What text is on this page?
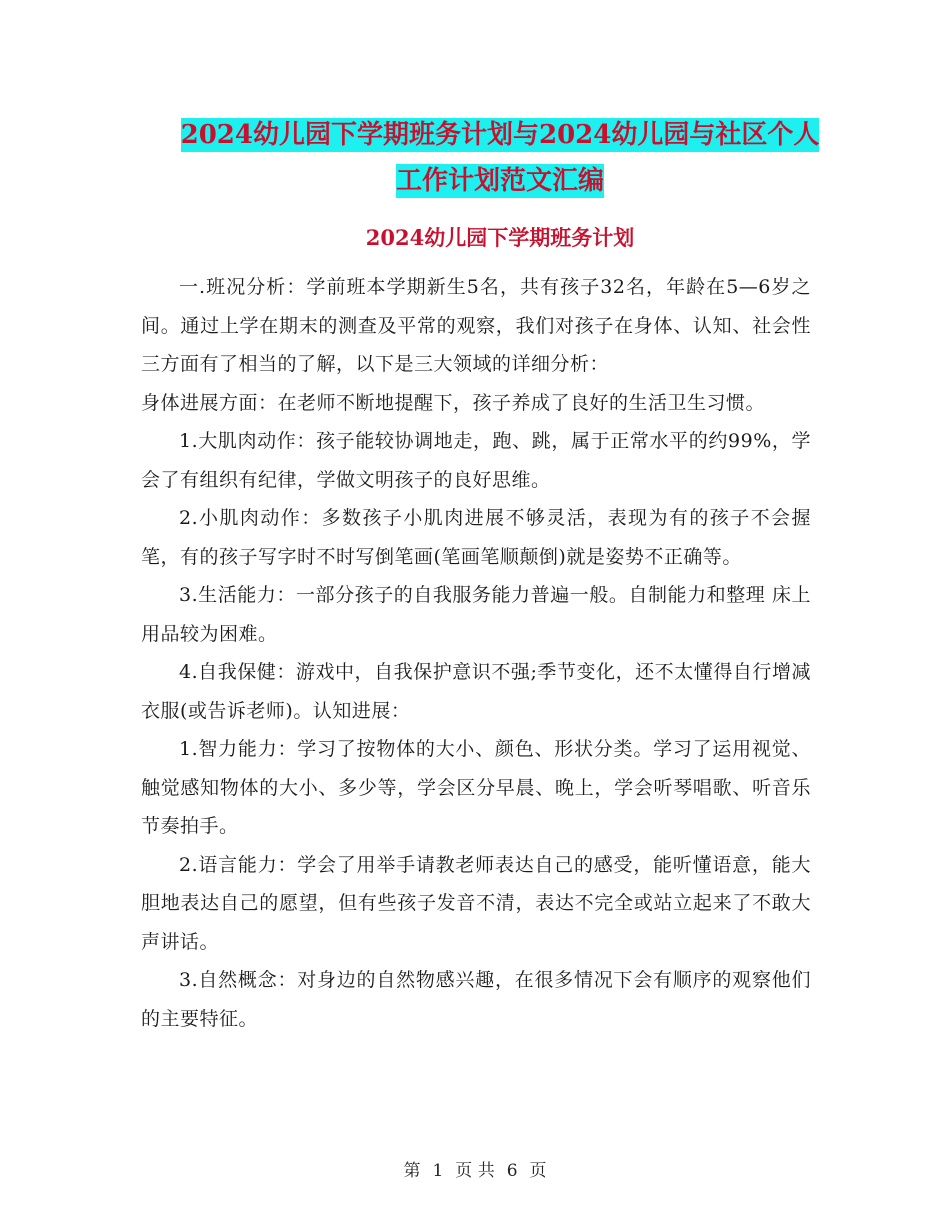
2024幼儿园下学期班务计划与2024幼儿园与社区个人
工作计划范文汇编
2024幼儿园下学期班务计划

一.班况分析：学前班本学期新生5名，共有孩子32名，年龄在5—6岁之间。通过上学在期末的测查及平常的观察，我们对孩子在身体、认知、社会性三方面有了相当的了解，以下是三大领域的详细分析：

身体进展方面：在老师不断地提醒下，孩子养成了良好的生活卫生习惯。

1.大肌肉动作：孩子能较协调地走，跑、跳，属于正常水平的约99%，学会了有组织有纪律，学做文明孩子的良好思维。

2.小肌肉动作：多数孩子小肌肉进展不够灵活，表现为有的孩子不会握笔，有的孩子写字时不时写倒笔画(笔画笔顺颠倒)就是姿势不正确等。

3.生活能力：一部分孩子的自我服务能力普遍一般。自制能力和整理 床上用品较为困难。

4.自我保健：游戏中，自我保护意识不强;季节变化，还不太懂得自行增减衣服(或告诉老师)。认知进展：

1.智力能力：学习了按物体的大小、颜色、形状分类。学习了运用视觉、触觉感知物体的大小、多少等，学会区分早晨、晚上，学会听琴唱歌、听音乐节奏拍手。

2.语言能力：学会了用举手请教老师表达自己的感受，能听懂语意，能大胆地表达自己的愿望，但有些孩子发音不清，表达不完全或站立起来了不敢大声讲话。

3.自然概念：对身边的自然物感兴趣，在很多情况下会有顺序的观察他们的主要特征。

第 1 页 共 6 页
